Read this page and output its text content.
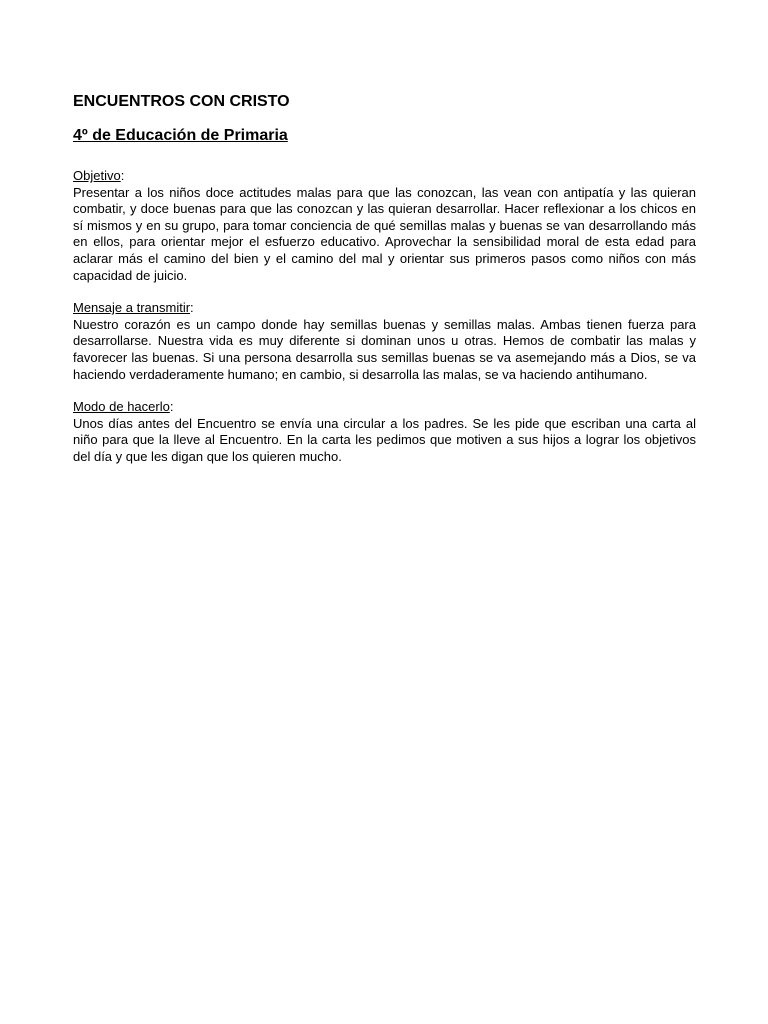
ENCUENTROS CON CRISTO
4º de Educación de Primaria

Objetivo:

Presentar a los niños doce actitudes malas para que las conozcan, las vean con antipatía y las quieran combatir, y doce buenas para que las conozcan y las quieran desarrollar. Hacer reflexionar a los chicos en sí mismos y en su grupo, para tomar conciencia de qué semillas malas y buenas se van desarrollando más en ellos, para orientar mejor el esfuerzo educativo. Aprovechar la sensibilidad moral de esta edad para aclarar más el camino del bien y el camino del mal y orientar sus primeros pasos como niños con más capacidad de juicio.

Mensaje a transmitir:

Nuestro corazón es un campo donde hay semillas buenas y semillas malas. Ambas tienen fuerza para desarrollarse. Nuestra vida es muy diferente si dominan unos u otras. Hemos de combatir las malas y favorecer las buenas. Si una persona desarrolla sus semillas buenas se va asemejando más a Dios, se va haciendo verdaderamente humano; en cambio, si desarrolla las malas, se va haciendo antihumano.

Modo de hacerlo:

Unos días antes del Encuentro se envía una circular a los padres. Se les pide que escriban una carta al niño para que la lleve al Encuentro. En la carta les pedimos que motiven a sus hijos a lograr los objetivos del día y que les digan que los quieren mucho.
